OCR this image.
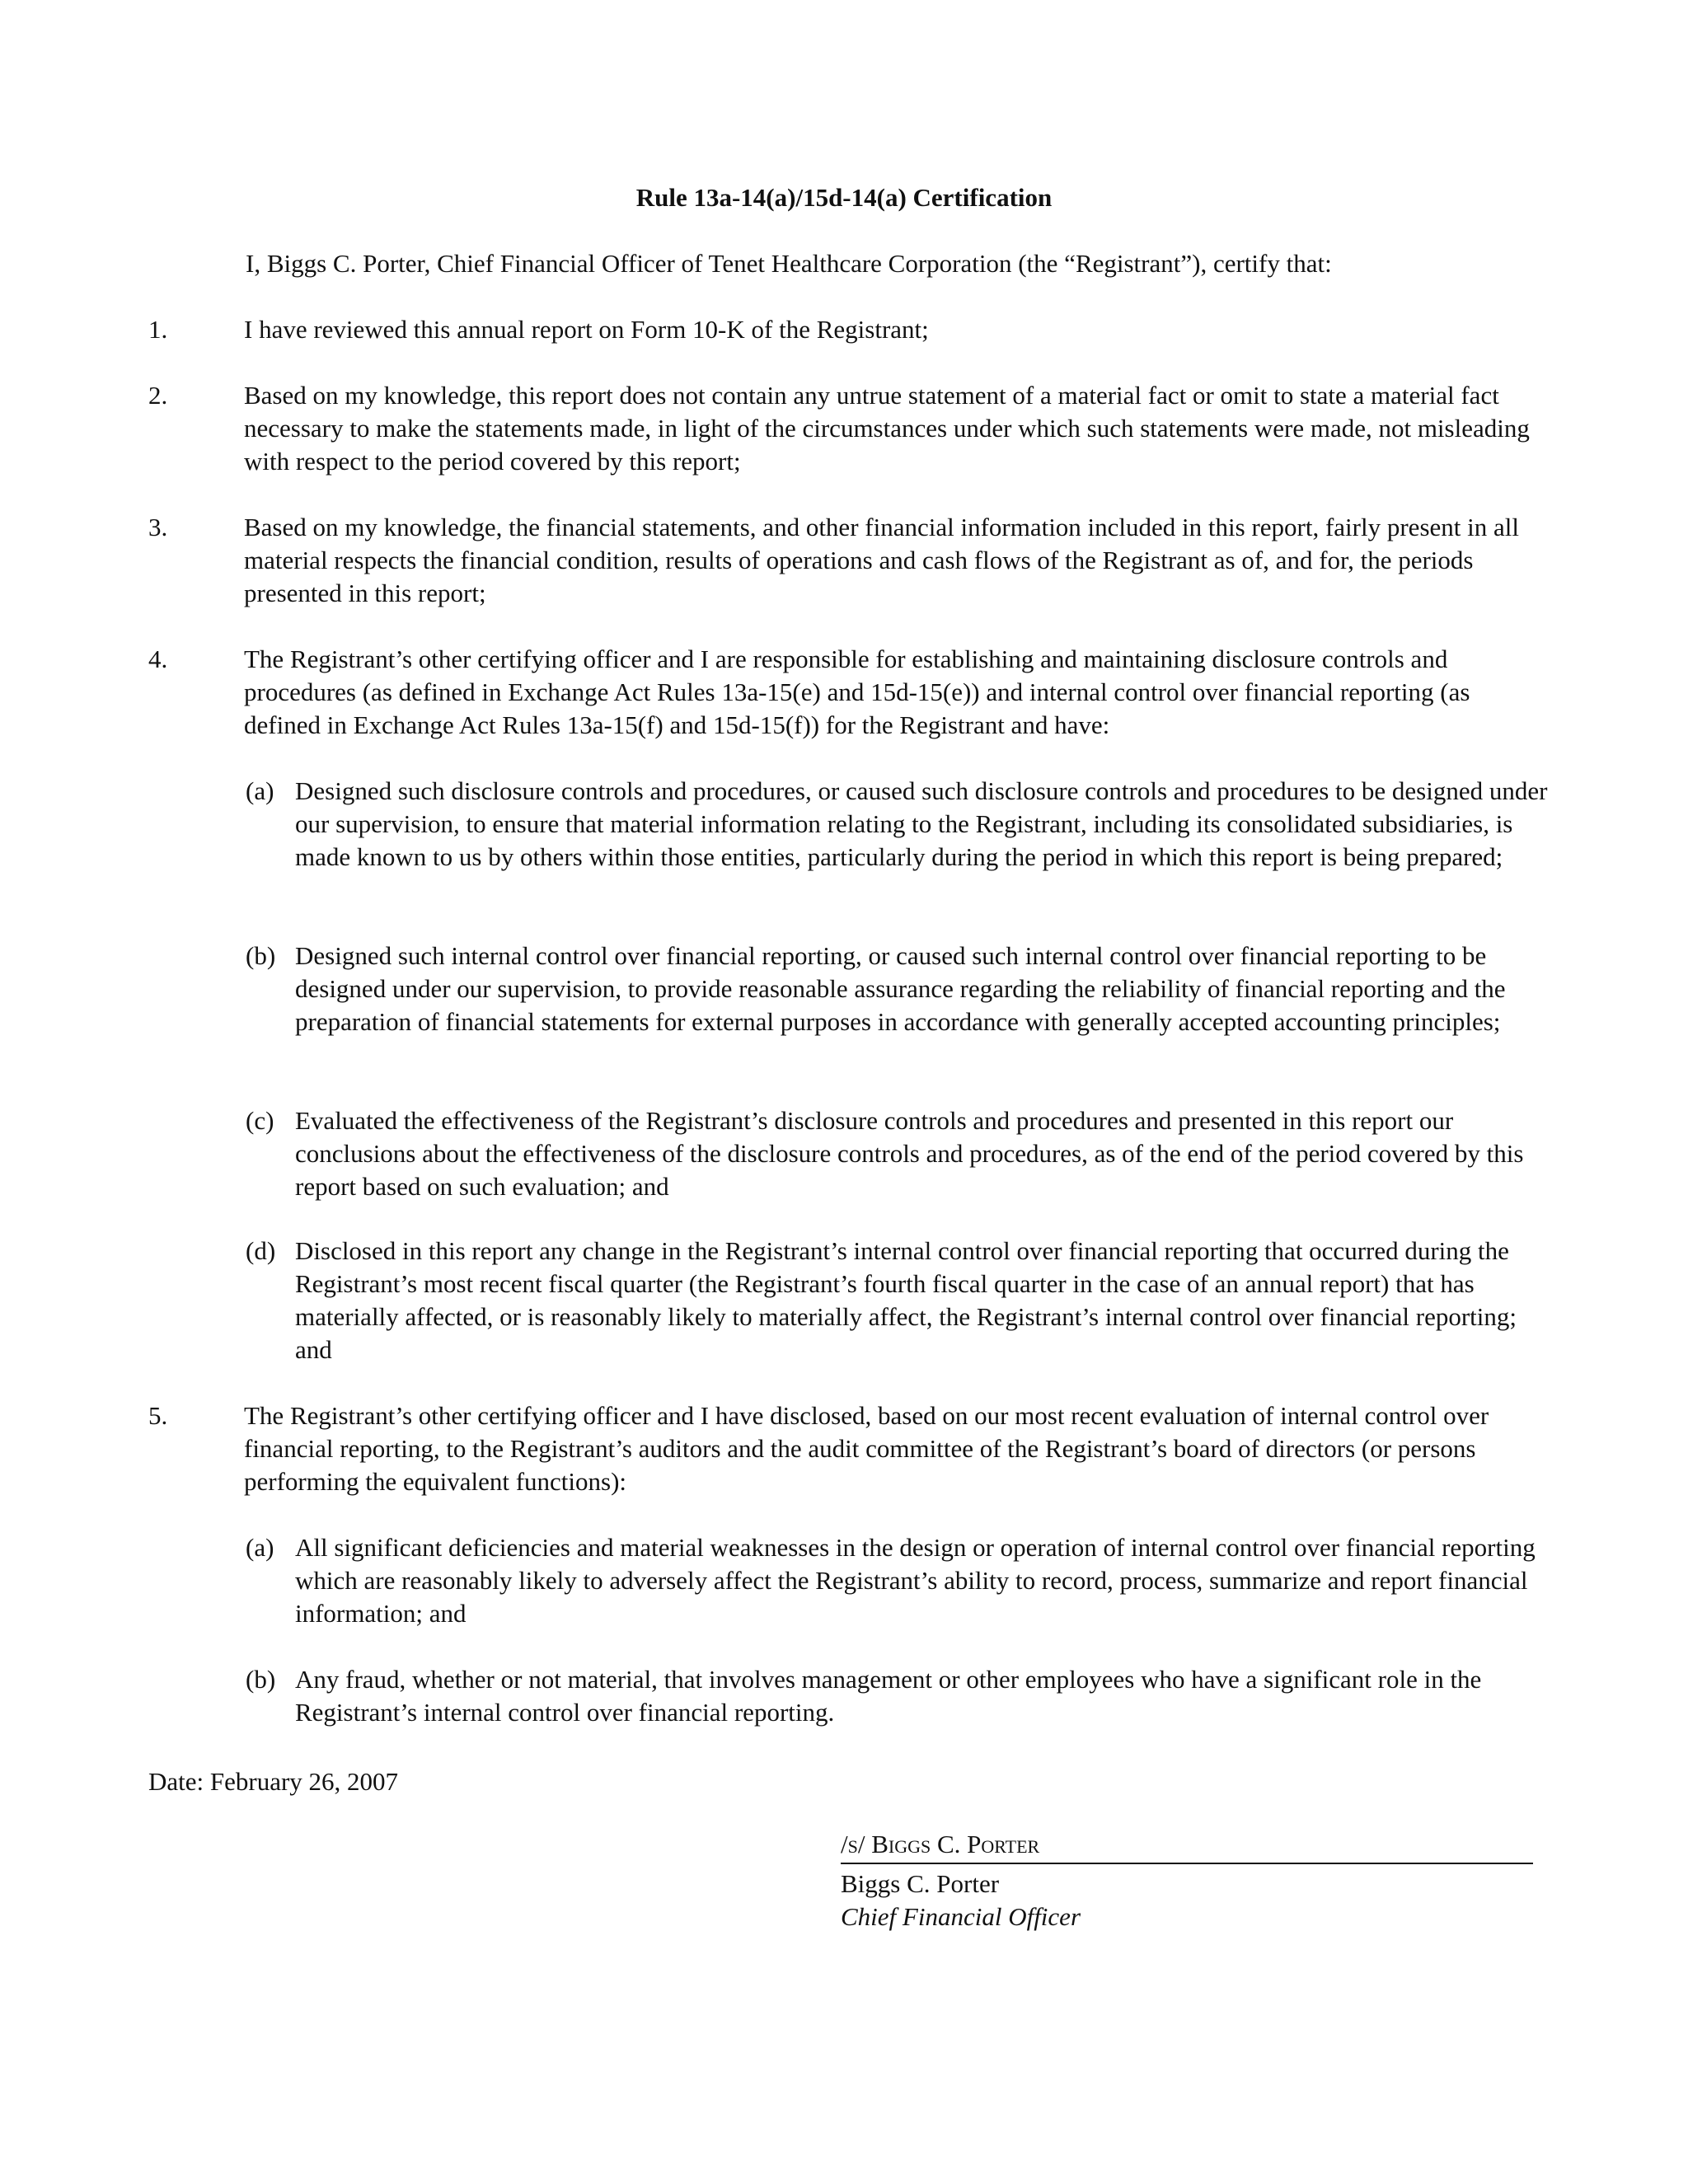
Rule 13a-14(a)/15d-14(a) Certification
I, Biggs C. Porter, Chief Financial Officer of Tenet Healthcare Corporation (the “Registrant”), certify that:
1.	I have reviewed this annual report on Form 10-K of the Registrant;
2.	Based on my knowledge, this report does not contain any untrue statement of a material fact or omit to state a material fact necessary to make the statements made, in light of the circumstances under which such statements were made, not misleading with respect to the period covered by this report;
3.	Based on my knowledge, the financial statements, and other financial information included in this report, fairly present in all material respects the financial condition, results of operations and cash flows of the Registrant as of, and for, the periods presented in this report;
4.	The Registrant’s other certifying officer and I are responsible for establishing and maintaining disclosure controls and procedures (as defined in Exchange Act Rules 13a-15(e) and 15d-15(e)) and internal control over financial reporting (as defined in Exchange Act Rules 13a-15(f) and 15d-15(f)) for the Registrant and have:
(a) Designed such disclosure controls and procedures, or caused such disclosure controls and procedures to be designed under our supervision, to ensure that material information relating to the Registrant, including its consolidated subsidiaries, is made known to us by others within those entities, particularly during the period in which this report is being prepared;
(b) Designed such internal control over financial reporting, or caused such internal control over financial reporting to be designed under our supervision, to provide reasonable assurance regarding the reliability of financial reporting and the preparation of financial statements for external purposes in accordance with generally accepted accounting principles;
(c) Evaluated the effectiveness of the Registrant’s disclosure controls and procedures and presented in this report our conclusions about the effectiveness of the disclosure controls and procedures, as of the end of the period covered by this report based on such evaluation; and
(d) Disclosed in this report any change in the Registrant’s internal control over financial reporting that occurred during the Registrant’s most recent fiscal quarter (the Registrant’s fourth fiscal quarter in the case of an annual report) that has materially affected, or is reasonably likely to materially affect, the Registrant’s internal control over financial reporting; and
5.	The Registrant’s other certifying officer and I have disclosed, based on our most recent evaluation of internal control over financial reporting, to the Registrant’s auditors and the audit committee of the Registrant’s board of directors (or persons performing the equivalent functions):
(a) All significant deficiencies and material weaknesses in the design or operation of internal control over financial reporting which are reasonably likely to adversely affect the Registrant’s ability to record, process, summarize and report financial information; and
(b) Any fraud, whether or not material, that involves management or other employees who have a significant role in the Registrant’s internal control over financial reporting.
Date: February 26, 2007
/s/ Biggs C. Porter
Biggs C. Porter
Chief Financial Officer
